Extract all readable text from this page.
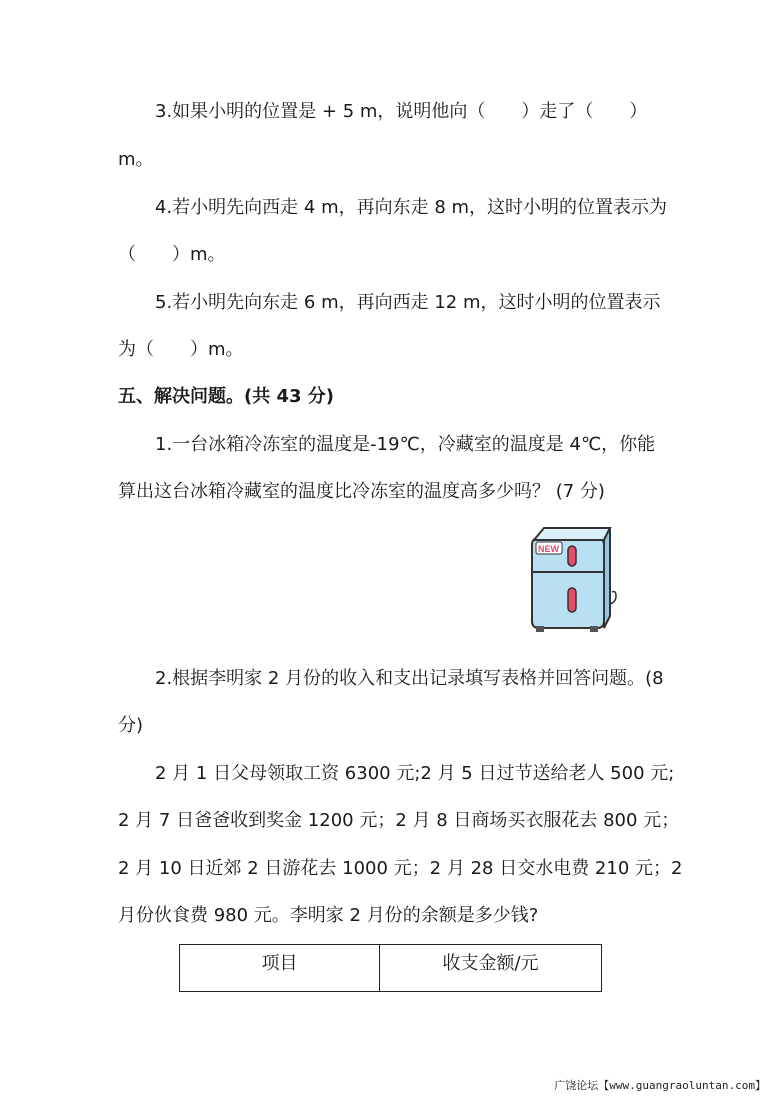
3.如果小明的位置是 + 5 m，说明他向（　　）走了（　　）
m。
4.若小明先向西走 4 m，再向东走 8 m，这时小明的位置表示为
（　　）m。
5.若小明先向东走 6 m，再向西走 12 m，这时小明的位置表示
为（　　）m。
五、解决问题。(共 43 分)
1.一台冰箱冷冻室的温度是-19℃，冷藏室的温度是 4℃，你能
算出这台冰箱冷藏室的温度比冷冻室的温度高多少吗？ (7 分)
NEW
2.根据李明家 2 月份的收入和支出记录填写表格并回答问题。(8
分)
2 月 1 日父母领取工资 6300 元;2 月 5 日过节送给老人 500 元;
2 月 7 日爸爸收到奖金 1200 元；2 月 8 日商场买衣服花去 800 元；
2 月 10 日近郊 2 日游花去 1000 元；2 月 28 日交水电费 210 元；2
月份伙食费 980 元。李明家 2 月份的余额是多少钱?
项目	收支金额/元
广饶论坛【www.guangraoluntan.com】
